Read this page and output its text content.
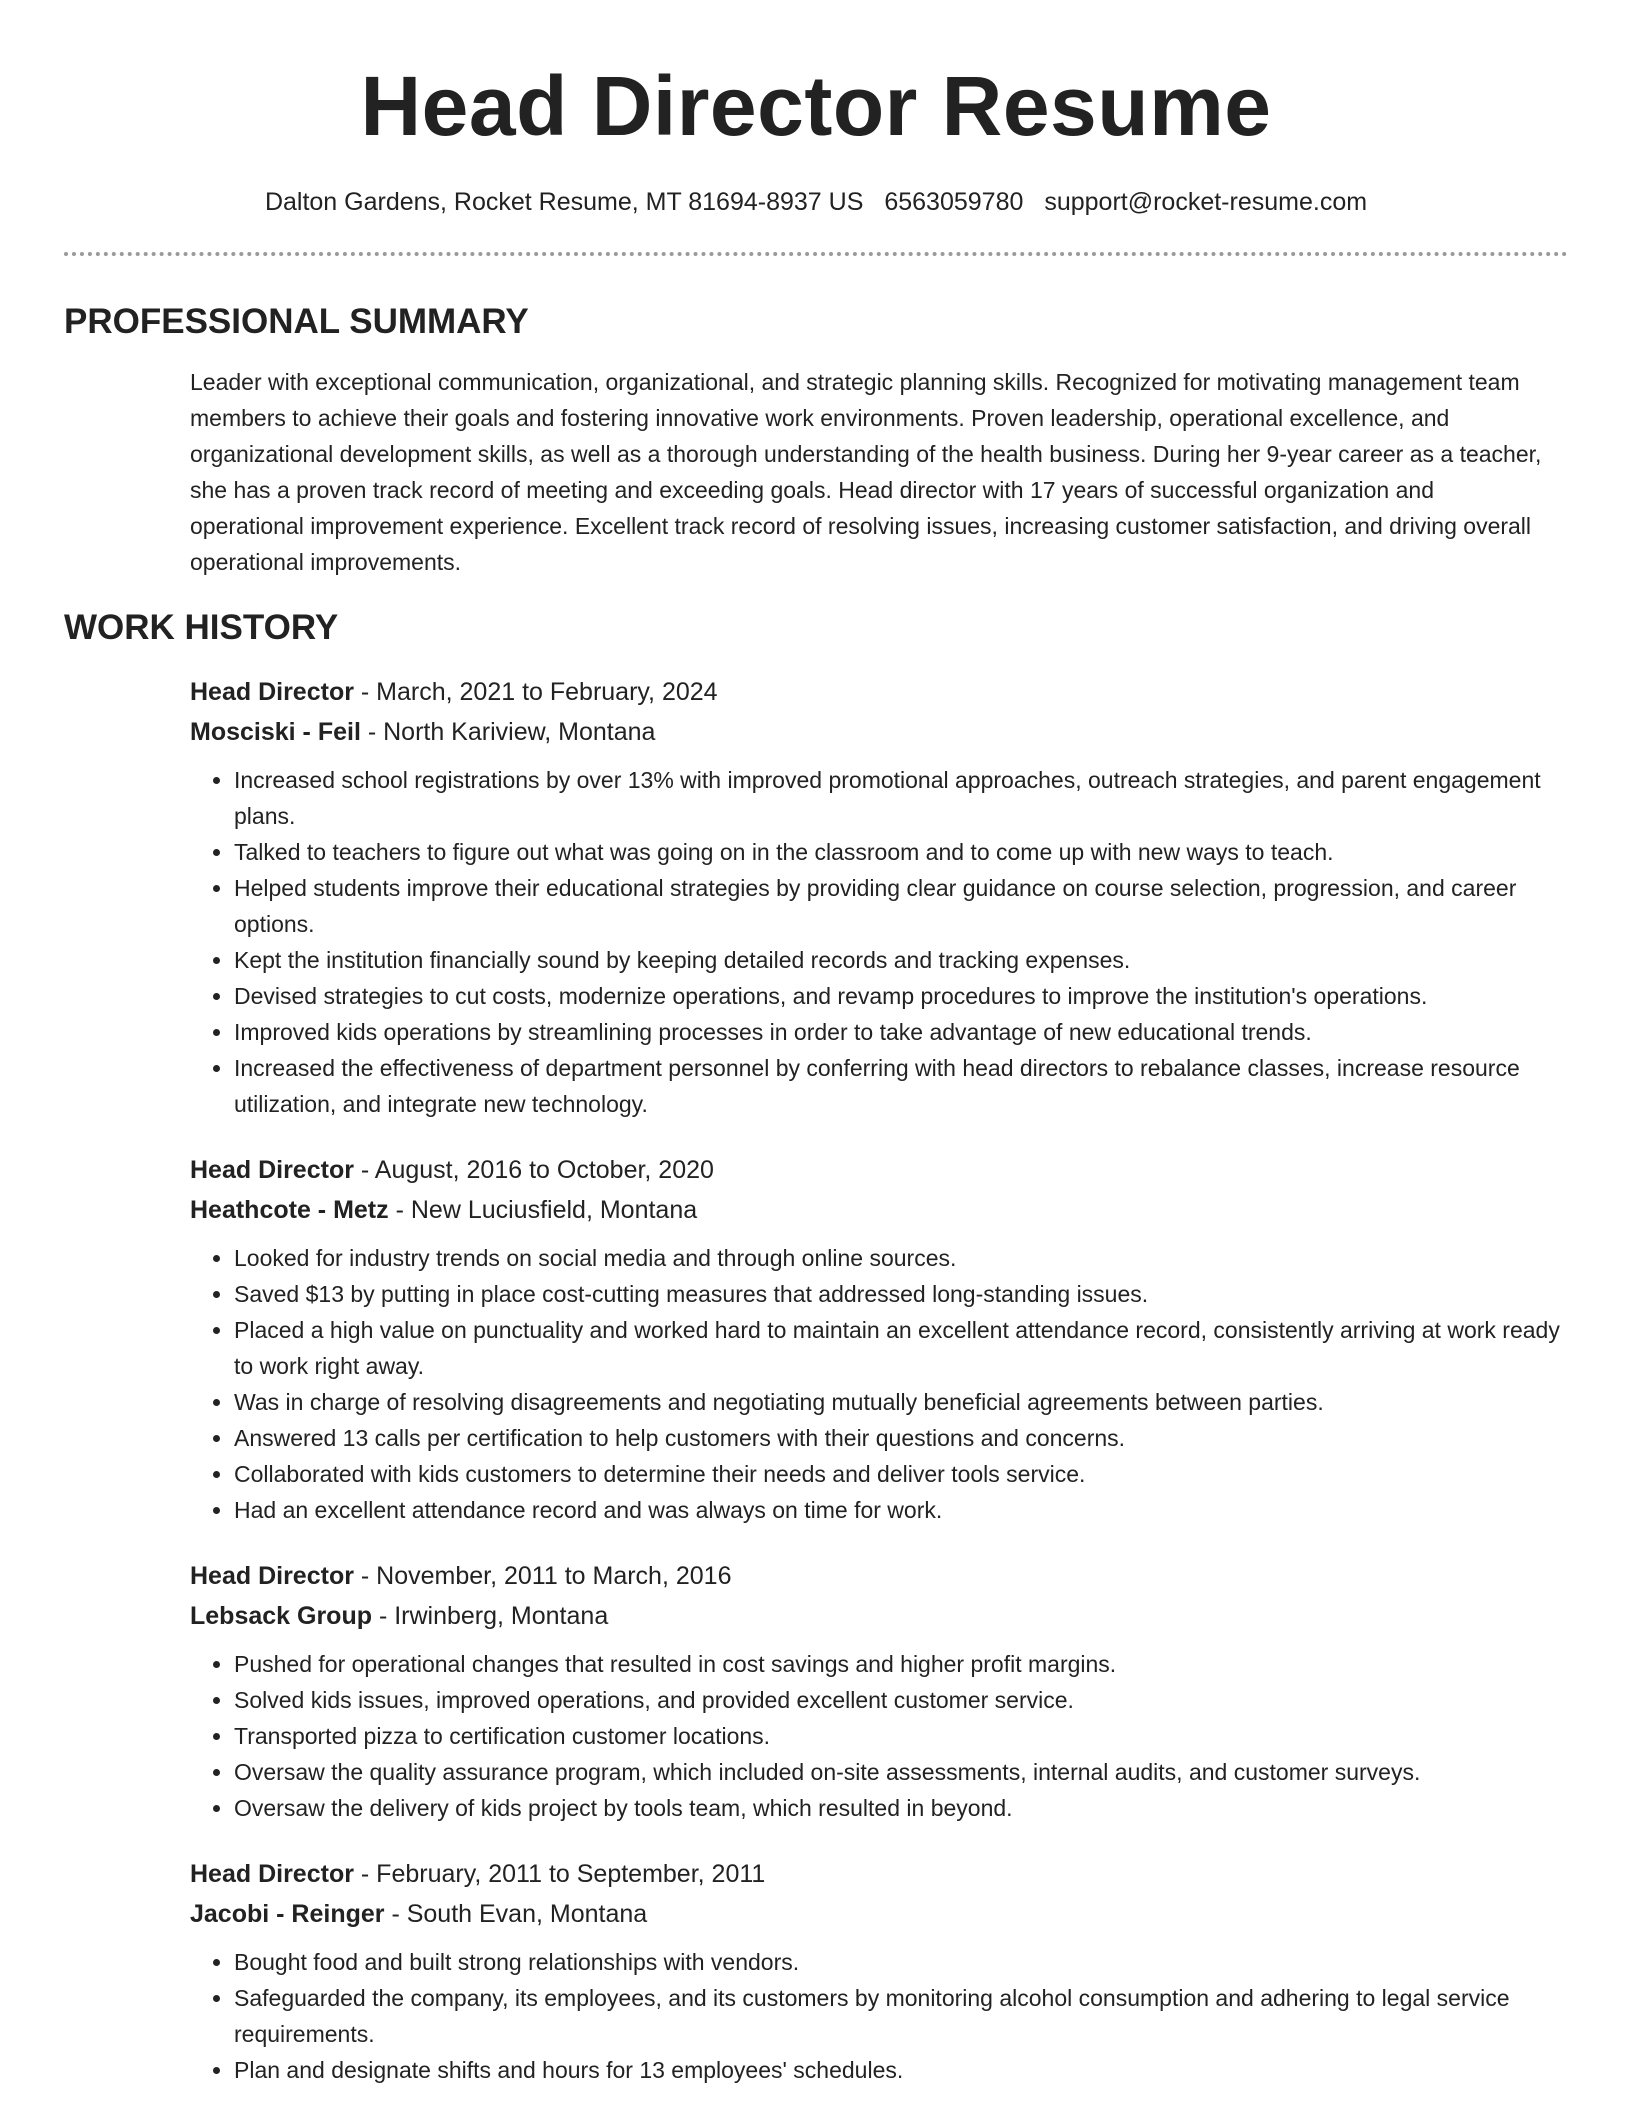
Head Director Resume
Dalton Gardens, Rocket Resume, MT 81694-8937 US 6563059780 support@rocket-resume.com
PROFESSIONAL SUMMARY

Leader with exceptional communication, organizational, and strategic planning skills. Recognized for motivating management team members to achieve their goals and fostering innovative work environments. Proven leadership, operational excellence, and organizational development skills, as well as a thorough understanding of the health business. During her 9-year career as a teacher, she has a proven track record of meeting and exceeding goals. Head director with 17 years of successful organization and operational improvement experience. Excellent track record of resolving issues, increasing customer satisfaction, and driving overall operational improvements.

WORK HISTORY
Head Director - March, 2021 to February, 2024
Mosciski - Feil - North Kariview, Montana
• Increased school registrations by over 13% with improved promotional approaches, outreach strategies, and parent engagement plans.
• Talked to teachers to figure out what was going on in the classroom and to come up with new ways to teach.
• Helped students improve their educational strategies by providing clear guidance on course selection, progression, and career options.
• Kept the institution financially sound by keeping detailed records and tracking expenses.
• Devised strategies to cut costs, modernize operations, and revamp procedures to improve the institution's operations.
• Improved kids operations by streamlining processes in order to take advantage of new educational trends.
• Increased the effectiveness of department personnel by conferring with head directors to rebalance classes, increase resource utilization, and integrate new technology.
Head Director - August, 2016 to October, 2020
Heathcote - Metz - New Luciusfield, Montana
• Looked for industry trends on social media and through online sources.
• Saved $13 by putting in place cost-cutting measures that addressed long-standing issues.
• Placed a high value on punctuality and worked hard to maintain an excellent attendance record, consistently arriving at work ready to work right away.
• Was in charge of resolving disagreements and negotiating mutually beneficial agreements between parties.
• Answered 13 calls per certification to help customers with their questions and concerns.
• Collaborated with kids customers to determine their needs and deliver tools service.
• Had an excellent attendance record and was always on time for work.
Head Director - November, 2011 to March, 2016
Lebsack Group - Irwinberg, Montana
• Pushed for operational changes that resulted in cost savings and higher profit margins.
• Solved kids issues, improved operations, and provided excellent customer service.
• Transported pizza to certification customer locations.
• Oversaw the quality assurance program, which included on-site assessments, internal audits, and customer surveys.
• Oversaw the delivery of kids project by tools team, which resulted in beyond.
Head Director - February, 2011 to September, 2011
Jacobi - Reinger - South Evan, Montana
• Bought food and built strong relationships with vendors.
• Safeguarded the company, its employees, and its customers by monitoring alcohol consumption and adhering to legal service requirements.
• Plan and designate shifts and hours for 13 employees' schedules.
